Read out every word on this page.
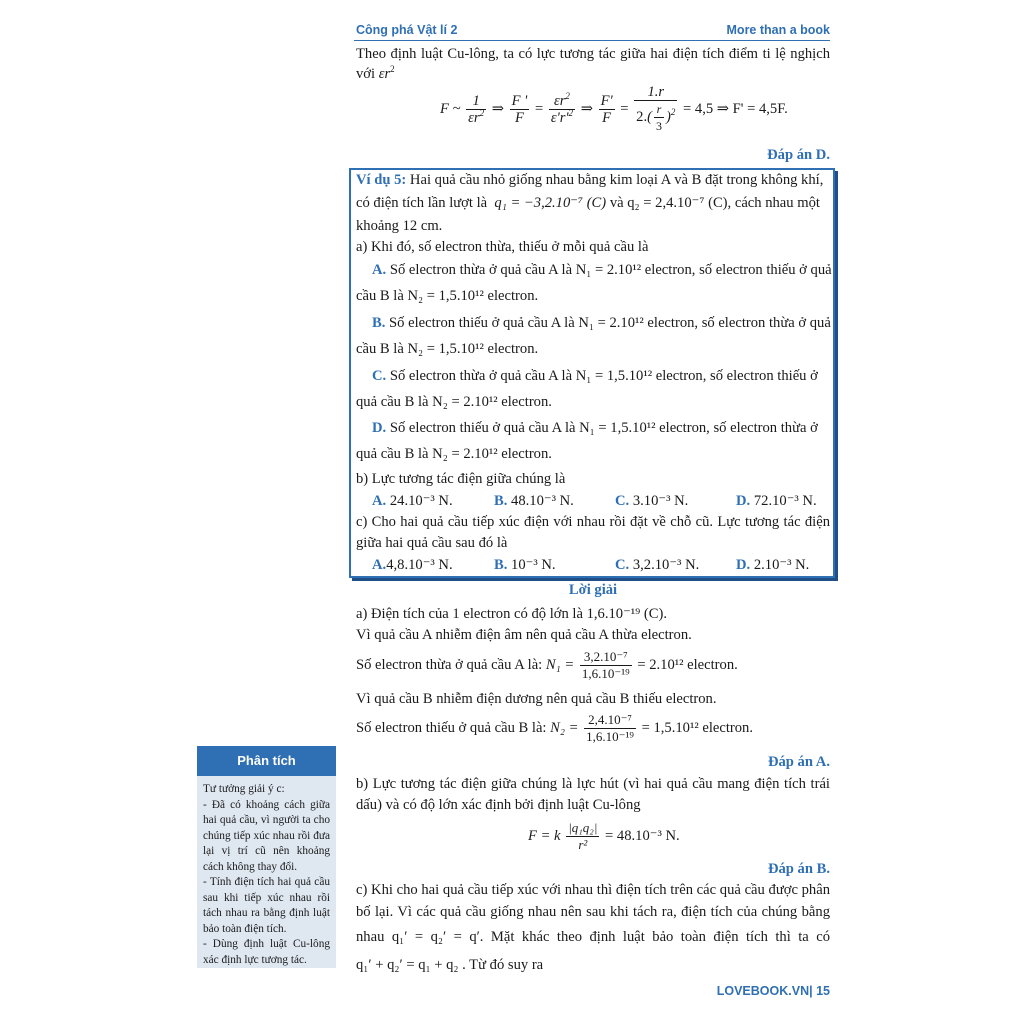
Công phá Vật lí 2	More than a book
Theo định luật Cu-lông, ta có lực tương tác giữa hai điện tích điểm ti lệ nghịch
với $\varepsilon r^2$
F ~ $\frac{1}{\varepsilon r^2}$ ⇒ $\frac{F '}{F} = \frac{\varepsilon r^2}{\varepsilon'r'^2}$ ⇒ $\frac{F'}{F} = \frac{1.r}{2.( \frac{r}{3} )^2} = 4,5$ ⇒ F' = 4,5F.
Đáp án D.
Ví dụ 5: Hai quả cầu nhỏ giống nhau bằng kim loại A và B đặt trong không khí,
có điện tích lần lượt là q₁ = −3,2.10⁻⁷ (C) và q₂ = 2,4.10⁻⁷ (C), cách nhau một
khoảng 12 cm.
a) Khi đó, số electron thừa, thiếu ở mỗi quả cầu là
A. Số electron thừa ở quả cầu A là N₁ = 2.10¹² electron, số electron thiếu ở quả
cầu B là N₂ = 1,5.10¹² electron.
B. Số electron thiếu ở quả cầu A là N₁ = 2.10¹² electron, số electron thừa ở quả
cầu B là N₂ = 1,5.10¹² electron.
C. Số electron thừa ở quả cầu A là N₁ = 1,5.10¹² electron, số electron thiếu ở
quả cầu B là N₂ = 2.10¹² electron.
D. Số electron thiếu ở quả cầu A là N₁ = 1,5.10¹² electron, số electron thừa ở
quả cầu B là N₂ = 2.10¹² electron.
b) Lực tương tác điện giữa chúng là
A. 24.10⁻³ N.	B. 48.10⁻³ N.	C. 3.10⁻³ N.	D. 72.10⁻³ N.
c) Cho hai quả cầu tiếp xúc điện với nhau rồi đặt về chỗ cũ. Lực tương tác điện
giữa hai quả cầu sau đó là
A.4,8.10⁻³ N.	B. 10⁻³ N.	C. 3,2.10⁻³ N.	D. 2.10⁻³ N.
Lời giải
a) Điện tích của 1 electron có độ lớn là 1,6.10⁻¹⁹ (C).
Vì quả cầu A nhiễm điện âm nên quả cầu A thừa electron.
Số electron thừa ở quả cầu A là: $N_1 = \frac{\text{3,2.10⁻⁷}}{\text{1,6.10⁻¹⁹}} = 2.10^{12}$ electron.
Vì quả cầu B nhiễm điện dương nên quả cầu B thiếu electron.
Số electron thiếu ở quả cầu B là: $N_2 = \frac{\text{2,4.10⁻⁷}}{\text{1,6.10⁻¹⁹}} = 1,5.10^{12}$ electron.
Đáp án A.
b) Lực tương tác điện giữa chúng là lực hút (vì hai quả cầu mang điện tích trái
dấu) và có độ lớn xác định bởi định luật Cu-lông
F = k $\frac{\text{|q₁q₂|}}{\text{r²}} = 48.10^{-3}$ N.
Đáp án B.
c) Khi cho hai quả cầu tiếp xúc với nhau thì điện tích trên các quả cầu được phân
bố lại. Vì các quả cầu giống nhau nên sau khi tách ra, điện tích của chúng bằng
nhau q₁′ = q₂′ = q′. Mặt khác theo định luật bảo toàn điện tích thì ta có
q₁′ + q₂′ = q₁ + q₂ . Từ đó suy ra
Phân tích
Tư tưởng giải ý c:
- Đã có khoảng cách giữa hai quả cầu, vì người ta cho chúng tiếp xúc nhau rồi đưa lại vị trí cũ nên khoảng cách không thay đổi.
- Tính điện tích hai quả cầu sau khi tiếp xúc nhau rồi tách nhau ra bằng định luật bảo toàn điện tích.
- Dùng định luật Cu-lông xác định lực tương tác.
LOVEBOOK.VN| 15
